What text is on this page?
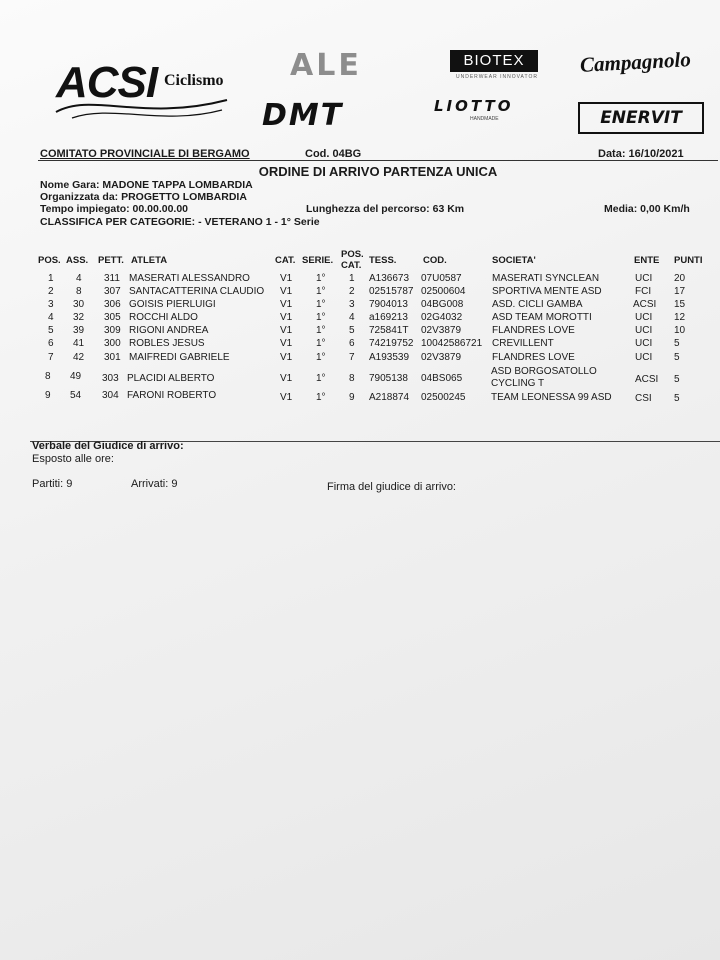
ACSI Ciclismo ALE	BIOTEX
UNDERWEAR INNOVATOR
Campagnolo
DMT	LIOTTO
HANDMADE	ENERVIT
COMITATO PROVINCIALE DI BERGAMO	Cod. 04BG	Data: 16/10/2021
ORDINE DI ARRIVO PARTENZA UNICA
Nome Gara: MADONE TAPPA LOMBARDIA
Organizzata da: PROGETTO LOMBARDIA
Tempo impiegato: 00.00.00.00	Lunghezza del percorso: 63 Km	Media: 0,00 Km/h
CLASSIFICA PER CATEGORIE: - VETERANO 1 - 1° Serie
POS. ASS. PETT. ATLETA	CAT. SERIE.
POS. CAT. TESS.	COD.	SOCIETA'	ENTE PUNTI
1 4 311 MASERATI ALESSANDRO	V1 1° 1 A136673 07U0587	MASERATI SYNCLEAN	UCI 20
2 8 307 SANTACATTERINA CLAUDIO V1 1° 2 02515787 02500604	SPORTIVA MENTE ASD	FCI 17
3 30 306 GOISIS PIERLUIGI	V1 1° 3 7904013 04BG008	ASD. CICLI GAMBA	ACSI 15
4 32 305 ROCCHI ALDO	V1 1° 4 a169213 02G4032	ASD TEAM MOROTTI	UCI 12
5 39 309 RIGONI ANDREA	V1 1° 5 725841T 02V3879	FLANDRES LOVE	UCI 10
6 41 300 ROBLES JESUS	V1 1° 6 74219752 10042586721 CREVILLENT	UCI 5
7 42 301 MAIFREDI GABRIELE	V1 1° 7 A193539 02V3879	FLANDRES LOVE	UCI 5
8 49 303 PLACIDI ALBERTO	V1 1° 8 7905138 04BS065
ASD BORGOSATOLLO CYCLING T	ACSI 5
9 54 304 FARONI ROBERTO	V1 1° 9 A218874 02500245	TEAM LEONESSA 99 ASD CSI 5
Verbale del Giudice di arrivo:
Esposto alle ore:
Partiti: 9	Arrivati: 9	Firma del giudice di arrivo:
